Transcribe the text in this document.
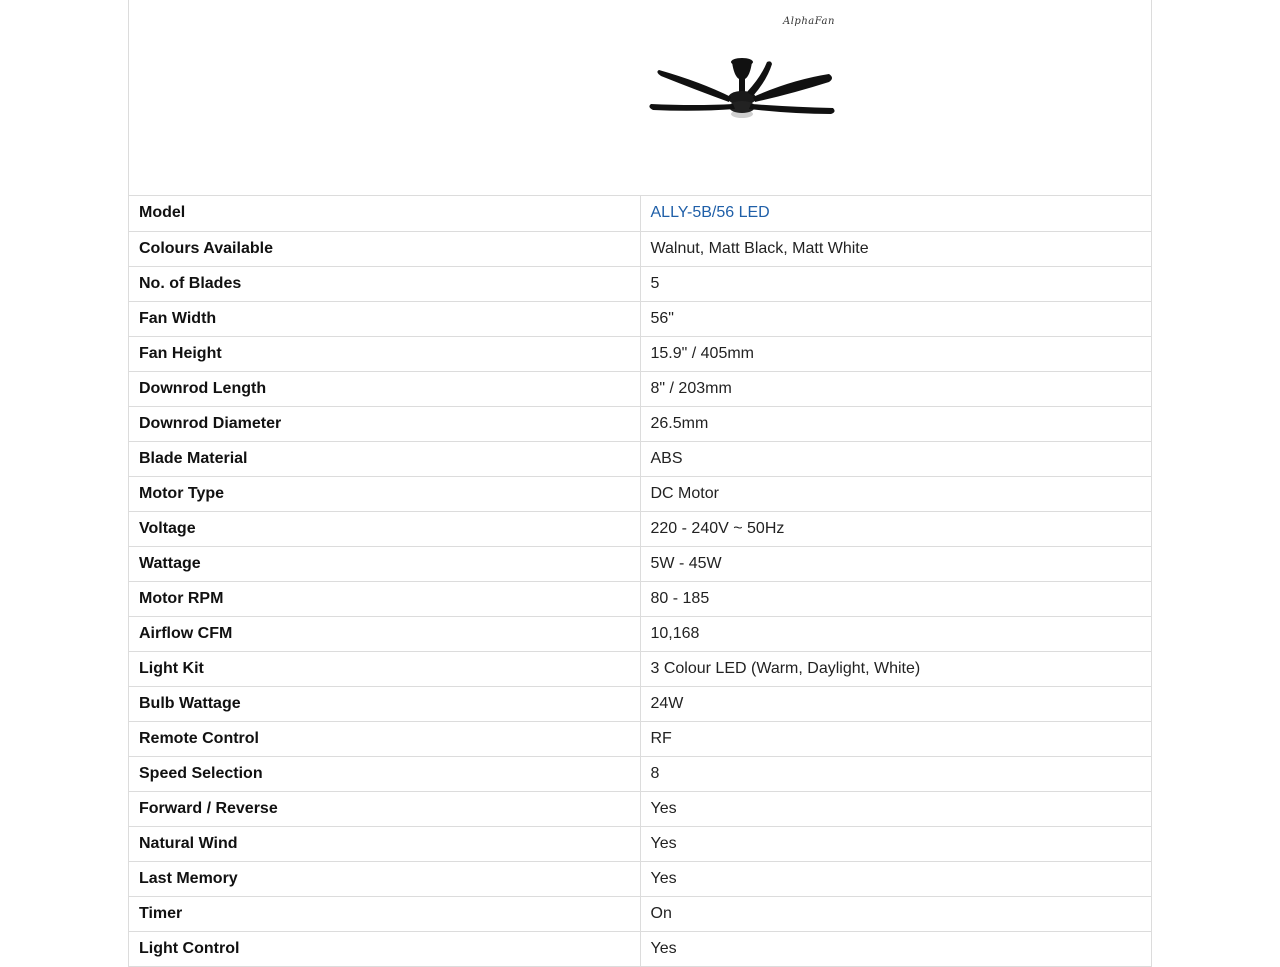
AlphaFan
Model	ALLY-5B/56 LED
Colours Available	Walnut, Matt Black, Matt White
No. of Blades	5
Fan Width	56"
Fan Height	15.9" / 405mm
Downrod Length	8" / 203mm
Downrod Diameter	26.5mm
Blade Material	ABS
Motor Type	DC Motor
Voltage	220 - 240V ~ 50Hz
Wattage	5W - 45W
Motor RPM	80 - 185
Airflow CFM	10,168
Light Kit	3 Colour LED (Warm, Daylight, White)
Bulb Wattage	24W
Remote Control	RF
Speed Selection	8
Forward / Reverse	Yes
Natural Wind	Yes
Last Memory	Yes
Timer	On
Light Control	Yes
